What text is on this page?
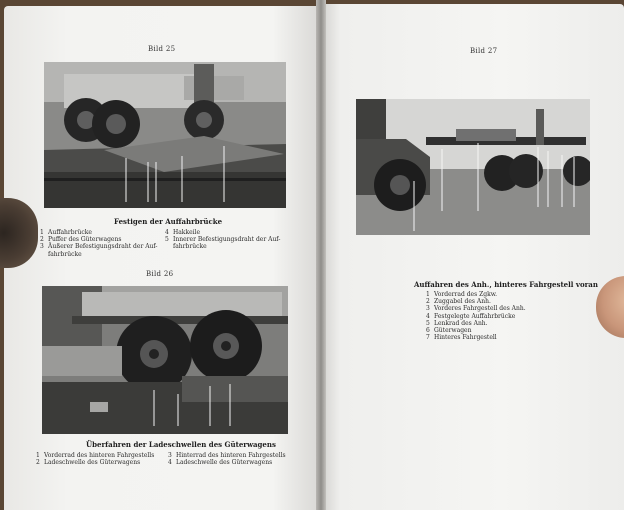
Bild 25
Festigen der Auffahrbrücke
1 Auffahrbrücke
2 Puffer des Güterwagens
3 Äußerer Befestigungsdraht der Auf-
fahrbrücke
4 Hakkeile
5 Innerer Befestigungsdraht der Auf-
fahrbrücke
Bild 26
Überfahren der Ladeschwellen des Güterwagens
1 Vorderrad des hinteren Fahrgestells
2 Ladeschwelle des Güterwagens
3 Hinterrad des hinteren Fahrgestells
4 Ladeschwelle des Güterwagens
Bild 27
Auffahren des Anh., hinteres Fahrgestell voran
1 Vorderrad des Zgkw.
2 Zuggabel des Anh.
3 Vorderes Fahrgestell des Anh.
4 Festgelegte Auffahrbrücke
5 Lenkrad des Anh.
6 Güterwagen
7 Hinteres Fahrgestell
